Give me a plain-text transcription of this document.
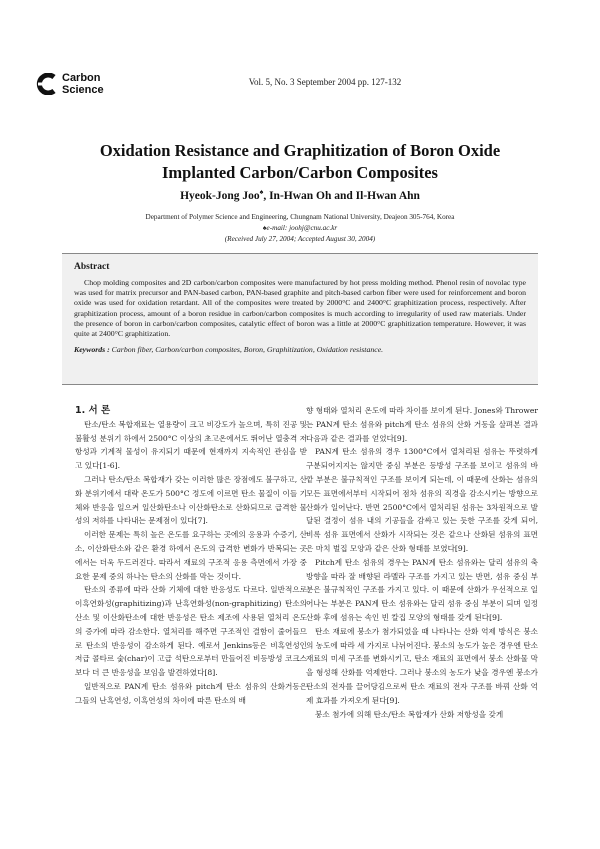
Carbon
Science
Vol. 5, No. 3 September 2004 pp. 127-132
Oxidation Resistance and Graphitization of Boron Oxide
Implanted Carbon/Carbon Composites
Hyeok-Jong Joo♠, In-Hwan Oh and Il-Hwan Ahn
Department of Polymer Science and Engineering, Chungnam National University, Deajeon 305-764, Korea
♠e-mail: joohj@cnu.ac.kr
(Received July 27, 2004; Accepted August 30, 2004)
Abstract

Chop molding composites and 2D carbon/carbon composites were manufactured by hot press molding method. Phenol resin of novolac type was used for matrix precursor and PAN-based carbon, PAN-based graphite and pitch-based carbon fiber were used for reinforcement and boron oxide was used for oxidation retardant. All of the composites were treated by 2000°C and 2400°C graphitization process, respectively. After graphitization process, amount of a boron residue in carbon/carbon composites is much according to irregularity of used raw materials. Under the presence of boron in carbon/carbon composites, catalytic effect of boron was a little at 2000°C graphitization temperature. However, it was quite at 2400°C graphitization.

Keywords : Carbon fiber, Carbon/carbon composites, Boron, Graphitization, Oxidation resistance.

1. 서 론

탄소/탄소 복합재료는 열용량이 크고 비강도가 높으며, 특히 진공 및 불활성 분위기 하에서 2500°C 이상의 초고온에서도 뛰어난 열충격 저항성과 기계적 물성이 유지되기 때문에 현재까지 지속적인 관심을 받고 있다[1-6].

그러나 탄소/탄소 복합재가 갖는 이러한 많은 장점에도 불구하고, 산화 분위기에서 대략 온도가 500°C 정도에 이르면 탄소 물질이 이들 기체와 반응을 일으켜 일산화탄소나 이산화탄소로 산화되므로 급격한 물성의 저하를 나타내는 문제점이 있다[7].

이러한 문제는 특히 높은 온도를 요구하는 곳에의 응용과 수증기, 산소, 이산화탄소와 같은 환경 하에서 온도의 급격한 변화가 반복되는 곳에서는 더욱 두드러진다. 따라서 재료의 구조적 응용 측면에서 가장 중요한 문제 중의 하나는 탄소의 산화를 막는 것이다.

탄소의 종류에 따라 산화 기체에 대한 반응성도 다르다. 일반적으로 이흑연화성(graphitizing)과 난흑연화성(non-graphitizing) 탄소의 산소 및 이산화탄소에 대한 반응성은 탄소 제조에 사용된 열처리 온도의 증가에 따라 감소한다. 열처리를 해주면 구조적인 결함이 줄어들므로 탄소의 반응성이 감소하게 된다. 예로서 Jenkins등은 비흑연성인 저급 콜타르 숯(char)이 고급 석탄으로부터 만들어진 비등방성 코크스보다 더 큰 반응성을 보임을 발견하였다[8].

일반적으로 PAN계 탄소 섬유와 pitch계 탄소 섬유의 산화거동은 그들의 난흑연성, 이흑연성의 차이에 따른 탄소의 배

향 형태와 열처리 온도에 따라 차이를 보이게 된다. Jones와 Thrower는 PAN계 탄소 섬유와 pitch계 탄소 섬유의 산화 거동을 살펴본 결과 다음과 같은 결과를 얻었다[9].

PAN계 탄소 섬유의 경우 1300°C에서 열처리된 섬유는 뚜렷하게 구분되어지지는 않지만 중심 부분은 등방성 구조를 보이고 섬유의 바깥 부분은 불규칙적인 구조를 보이게 되는데, 이 때문에 산화는 섬유의 모든 표면에서부터 시작되어 점차 섬유의 직경을 감소시키는 방향으로 산화가 일어난다. 반면 2500°C에서 열처리된 섬유는 3차원적으로 발달된 결정이 섬유 내의 기공들을 감싸고 있는 듯한 구조를 갖게 되어, 비록 섬유 표면에서 산화가 시작되는 것은 같으나 산화된 섬유의 표면은 마치 벌집 모양과 같은 산화 형태를 보였다[9].

Pitch계 탄소 섬유의 경우는 PAN계 탄소 섬유와는 달리 섬유의 축 방향을 따라 잘 배향된 라멜라 구조를 가지고 있는 반면, 섬유 중심 부분은 불규칙적인 구조를 가지고 있다. 이 때문에 산화가 우선적으로 일어나는 부분은 PAN계 탄소 섬유와는 달리 섬유 중심 부분이 되며 일정 산화 후에 섬유는 속인 빈 칼집 모양의 형태를 갖게 된다[9].

탄소 재료에 붕소가 첨가되었을 때 나타나는 산화 억제 방식은 붕소의 농도에 따라 세 가지로 나뉘어진다. 붕소의 농도가 높은 경우엔 탄소 재료의 미세 구조를 변화시키고, 탄소 재료의 표면에서 붕소 산화물 막을 형성해 산화를 억제한다. 그러나 붕소의 농도가 낮을 경우엔 붕소가 탄소의 전자를 끌어당김으로써 탄소 재료의 전자 구조를 바꿔 산화 억제 효과를 가져오게 된다[9].

붕소 첨가에 의해 탄소/탄소 복합재가 산화 저항성을 갖게
